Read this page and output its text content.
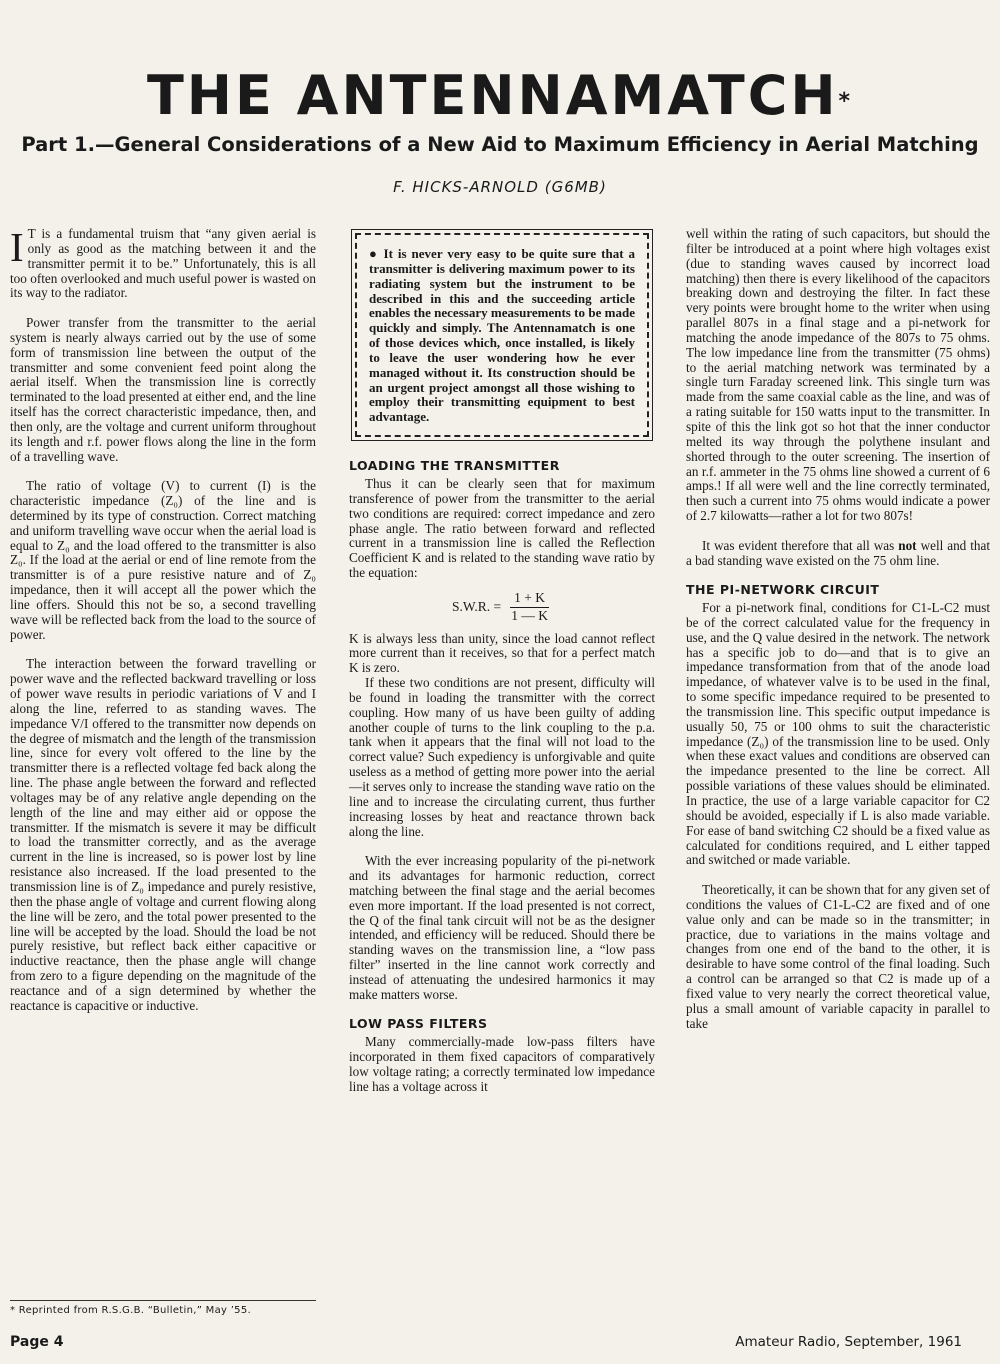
THE ANTENNAMATCH*
Part 1.—General Considerations of a New Aid to Maximum Efficiency in Aerial Matching
F. HICKS-ARNOLD (G6MB)

I T is a fundamental truism that “any given aerial is only as good as the matching between it and the transmitter permit it to be.” Unfortunately, this is all too often overlooked and much useful power is wasted on its way to the radiator.

Power transfer from the transmitter to the aerial system is nearly always carried out by the use of some form of transmission line between the output of the transmitter and some convenient feed point along the aerial itself. When the transmission line is correctly terminated to the load presented at either end, and the line itself has the correct characteristic impedance, then, and then only, are the voltage and current uniform throughout its length and r.f. power flows along the line in the form of a travelling wave.

The ratio of voltage (V) to current (I) is the characteristic impedance (Z₀) of the line and is determined by its type of construction. Correct matching and uniform travelling wave occur when the aerial load is equal to Z₀ and the load offered to the transmitter is also Z₀. If the load at the aerial or end of line remote from the transmitter is of a pure resistive nature and of Z₀ impedance, then it will accept all the power which the line offers. Should this not be so, a second travelling wave will be reflected back from the load to the source of power.

The interaction between the forward travelling or power wave and the reflected backward travelling or loss of power wave results in periodic variations of V and I along the line, referred to as standing waves. The impedance V/I offered to the transmitter now depends on the degree of mismatch and the length of the transmission line, since for every volt offered to the line by the transmitter there is a reflected voltage fed back along the line. The phase angle between the forward and reflected voltages may be of any relative angle depending on the length of the line and may either aid or oppose the transmitter. If the mismatch is severe it may be difficult to load the transmitter correctly, and as the average current in the line is increased, so is power lost by line resistance also increased. If the load presented to the transmission line is of Z₀ impedance and purely resistive, then the phase angle of voltage and current flowing along the line will be zero, and the total power presented to the line will be accepted by the load. Should the load be not purely resistive, but reflect back either capacitive or inductive reactance, then the phase angle will change from zero to a figure depending on the magnitude of the reactance and of a sign determined by whether the reactance is capacitive or inductive.

* Reprinted from R.S.G.B. “Bulletin,” May ’55.
● It is never very easy to be quite sure that a transmitter is delivering maximum power to its radiating system but the instrument to be described in this and the succeeding article enables the necessary measurements to be made quickly and simply. The Antennamatch is one of those devices which, once installed, is likely to leave the user wondering how he ever managed without it. Its construction should be an urgent project amongst all those wishing to employ their transmitting equipment to best advantage.
LOADING THE TRANSMITTER

Thus it can be clearly seen that for maximum transference of power from the transmitter to the aerial two conditions are required: correct impedance and zero phase angle. The ratio between forward and reflected current in a transmission line is called the Reflection Coefficient K and is related to the standing wave ratio by the equation:

S.W.R. = $\frac{1 + K}{1 — K}$

K is always less than unity, since the load cannot reflect more current than it receives, so that for a perfect match K is zero.

If these two conditions are not present, difficulty will be found in loading the transmitter with the correct coupling. How many of us have been guilty of adding another couple of turns to the link coupling to the p.a. tank when it appears that the final will not load to the correct value? Such expediency is unforgivable and quite useless as a method of getting more power into the aerial—it serves only to increase the standing wave ratio on the line and to increase the circulating current, thus further increasing losses by heat and reactance thrown back along the line.

With the ever increasing popularity of the pi-network and its advantages for harmonic reduction, correct matching between the final stage and the aerial becomes even more important. If the load presented is not correct, the Q of the final tank circuit will not be as the designer intended, and efficiency will be reduced. Should there be standing waves on the transmission line, a “low pass filter” inserted in the line cannot work correctly and instead of attenuating the undesired harmonics it may make matters worse.

LOW PASS FILTERS

Many commercially-made low-pass filters have incorporated in them fixed capacitors of comparatively low voltage rating; a correctly terminated low impedance line has a voltage across it

well within the rating of such capacitors, but should the filter be introduced at a point where high voltages exist (due to standing waves caused by incorrect load matching) then there is every likelihood of the capacitors breaking down and destroying the filter. In fact these very points were brought home to the writer when using parallel 807s in a final stage and a pi-network for matching the anode impedance of the 807s to 75 ohms. The low impedance line from the transmitter (75 ohms) to the aerial matching network was terminated by a single turn Faraday screened link. This single turn was made from the same coaxial cable as the line, and was of a rating suitable for 150 watts input to the transmitter. In spite of this the link got so hot that the inner conductor melted its way through the polythene insulant and shorted through to the outer screening. The insertion of an r.f. ammeter in the 75 ohms line showed a current of 6 amps.! If all were well and the line correctly terminated, then such a current into 75 ohms would indicate a power of 2.7 kilowatts—rather a lot for two 807s!

It was evident therefore that all was not well and that a bad standing wave existed on the 75 ohm line.

THE PI-NETWORK CIRCUIT

For a pi-network final, conditions for C1-L-C2 must be of the correct calculated value for the frequency in use, and the Q value desired in the network. The network has a specific job to do—and that is to give an impedance transformation from that of the anode load impedance, of whatever valve is to be used in the final, to some specific impedance required to be presented to the transmission line. This specific output impedance is usually 50, 75 or 100 ohms to suit the characteristic impedance (Z₀) of the transmission line to be used. Only when these exact values and conditions are observed can the impedance presented to the line be correct. All possible variations of these values should be eliminated. In practice, the use of a large variable capacitor for C2 should be avoided, especially if L is also made variable. For ease of band switching C2 should be a fixed value as calculated for conditions required, and L either tapped and switched or made variable.

Theoretically, it can be shown that for any given set of conditions the values of C1-L-C2 are fixed and of one value only and can be made so in the transmitter; in practice, due to variations in the mains voltage and changes from one end of the band to the other, it is desirable to have some control of the final loading. Such a control can be arranged so that C2 is made up of a fixed value to very nearly the correct theoretical value, plus a small amount of variable capacity in parallel to take

Page 4	Amateur Radio, September, 1961
